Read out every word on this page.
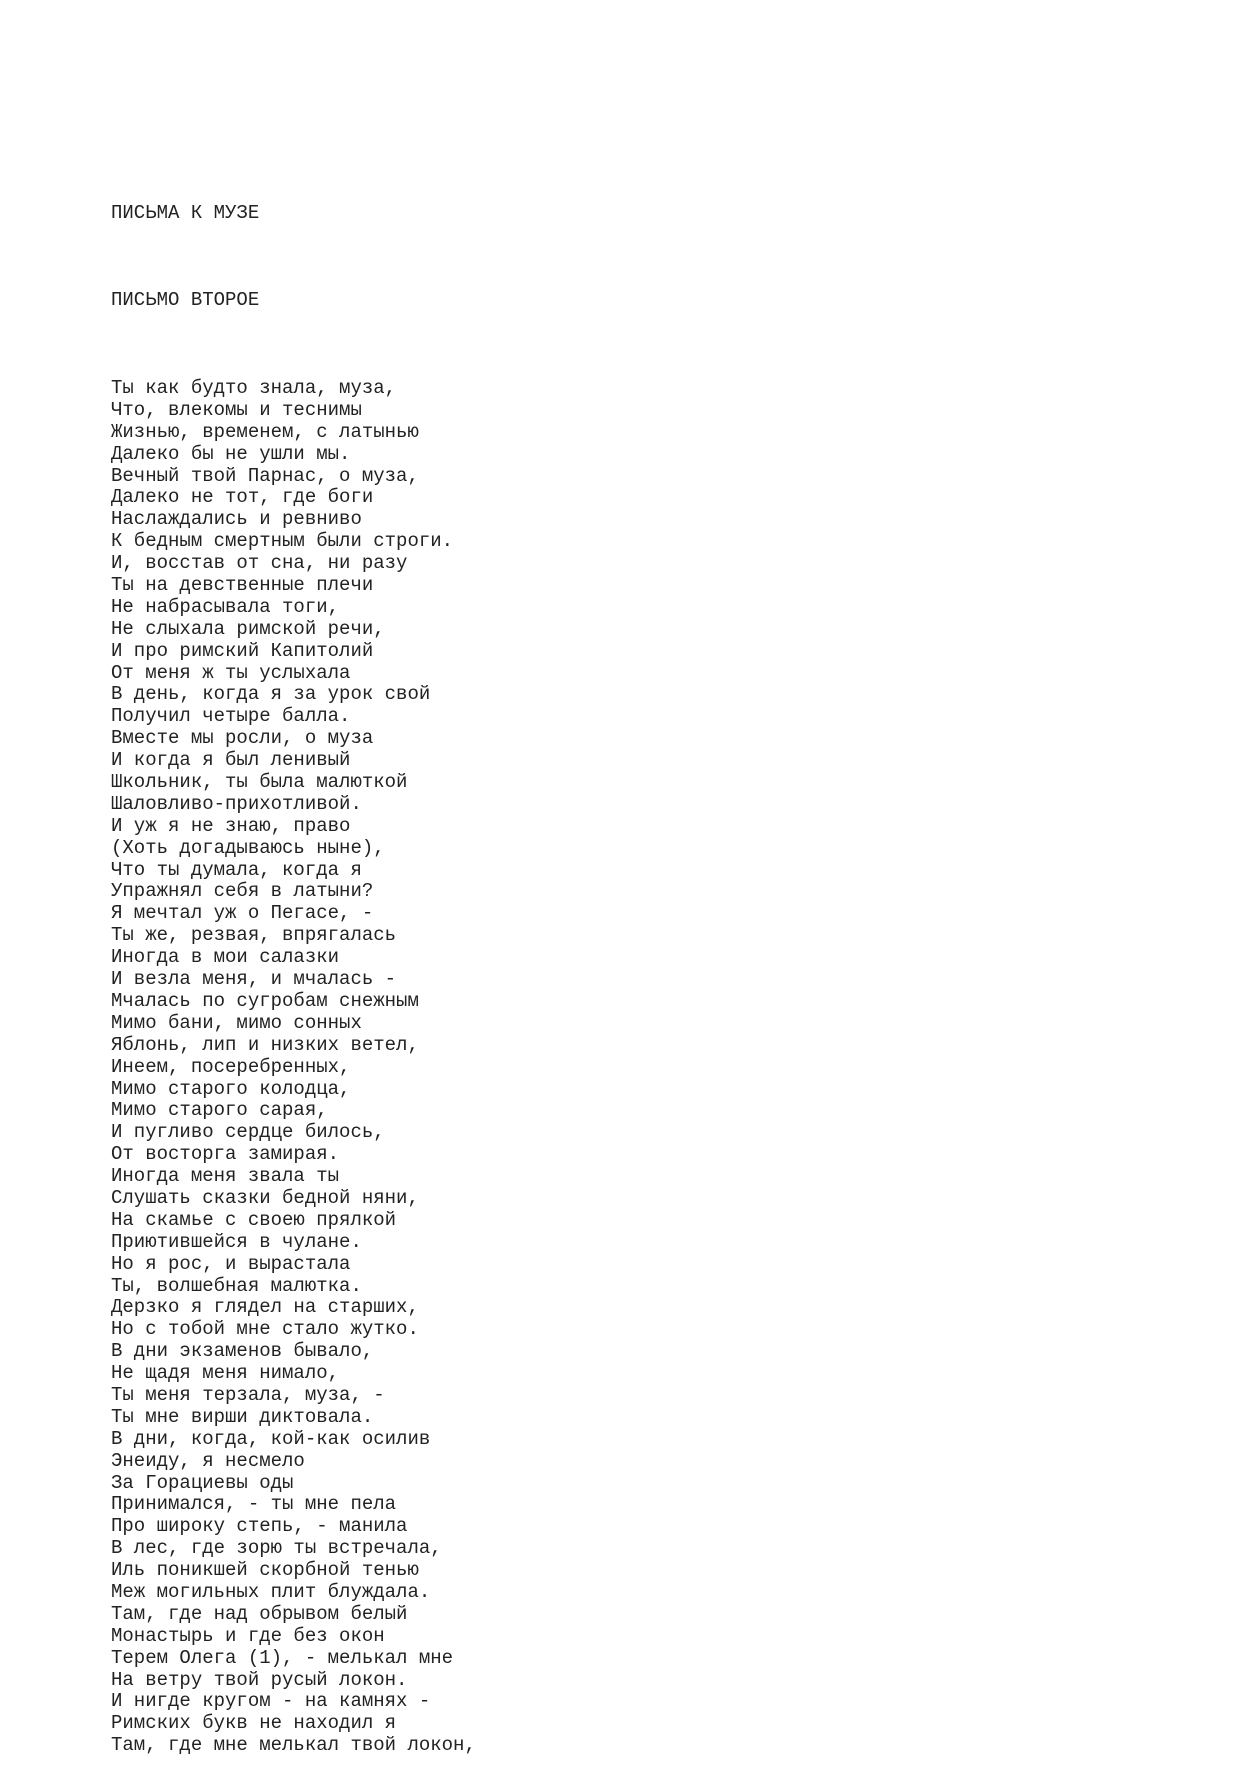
ПИСЬМА К МУЗЕ

ПИСЬМО ВТОРОЕ

Ты как будто знала, муза,
Что, влекомы и теснимы
Жизнью, временем, с латынью
Далеко бы не ушли мы.
Вечный твой Парнас, о муза,
Далеко не тот, где боги
Наслаждались и ревниво
К бедным смертным были строги.
И, восстав от сна, ни разу
Ты на девственные плечи
Не набрасывала тоги,
Не слыхала римской речи,
И про римский Капитолий
От меня ж ты услыхала
В день, когда я за урок свой
Получил четыре балла.
Вместе мы росли, о муза
И когда я был ленивый
Школьник, ты была малюткой
Шаловливо-прихотливой.
И уж я не знаю, право
(Хоть догадываюсь ныне),
Что ты думала, когда я
Упражнял себя в латыни?
Я мечтал уж о Пегасе, -
Ты же, резвая, впрягалась
Иногда в мои салазки
И везла меня, и мчалась -
Мчалась по сугробам снежным
Мимо бани, мимо сонных
Яблонь, лип и низких ветел,
Инеем, посеребренных,
Мимо старого колодца,
Мимо старого сарая,
И пугливо сердце билось,
От восторга замирая.
Иногда меня звала ты
Слушать сказки бедной няни,
На скамье с своею прялкой
Приютившейся в чулане.
Но я рос, и вырастала
Ты, волшебная малютка.
Дерзко я глядел на старших,
Но с тобой мне стало жутко.
В дни экзаменов бывало,
Не щадя меня нимало,
Ты меня терзала, муза, -
Ты мне вирши диктовала.
В дни, когда, кой-как осилив
Энеиду, я несмело
За Горациевы оды
Принимался, - ты мне пела
Про широку степь, - манила
В лес, где зорю ты встречала,
Иль поникшей скорбной тенью
Меж могильных плит блуждала.
Там, где над обрывом белый
Монастырь и где без окон
Терем Олега (1), - мелькал мне
На ветру твой русый локон.
И нигде кругом - на камнях -
Римских букв не находил я
Там, где мне мелькал твой локон,
